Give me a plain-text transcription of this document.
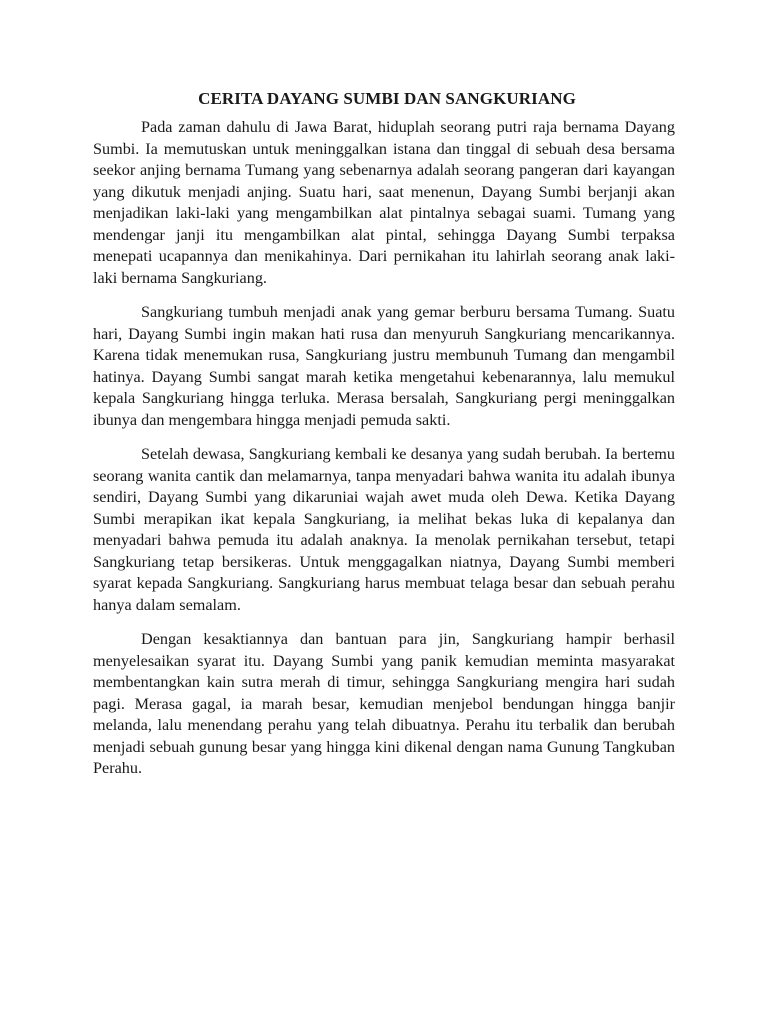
CERITA DAYANG SUMBI DAN SANGKURIANG

Pada zaman dahulu di Jawa Barat, hiduplah seorang putri raja bernama Dayang Sumbi. Ia memutuskan untuk meninggalkan istana dan tinggal di sebuah desa bersama seekor anjing bernama Tumang yang sebenarnya adalah seorang pangeran dari kayangan yang dikutuk menjadi anjing. Suatu hari, saat menenun, Dayang Sumbi berjanji akan menjadikan laki-laki yang mengambilkan alat pintalnya sebagai suami. Tumang yang mendengar janji itu mengambilkan alat pintal, sehingga Dayang Sumbi terpaksa menepati ucapannya dan menikahinya. Dari pernikahan itu lahirlah seorang anak laki-laki bernama Sangkuriang.

Sangkuriang tumbuh menjadi anak yang gemar berburu bersama Tumang. Suatu hari, Dayang Sumbi ingin makan hati rusa dan menyuruh Sangkuriang mencarikannya. Karena tidak menemukan rusa, Sangkuriang justru membunuh Tumang dan mengambil hatinya. Dayang Sumbi sangat marah ketika mengetahui kebenarannya, lalu memukul kepala Sangkuriang hingga terluka. Merasa bersalah, Sangkuriang pergi meninggalkan ibunya dan mengembara hingga menjadi pemuda sakti.

Setelah dewasa, Sangkuriang kembali ke desanya yang sudah berubah. Ia bertemu seorang wanita cantik dan melamarnya, tanpa menyadari bahwa wanita itu adalah ibunya sendiri, Dayang Sumbi yang dikaruniai wajah awet muda oleh Dewa. Ketika Dayang Sumbi merapikan ikat kepala Sangkuriang, ia melihat bekas luka di kepalanya dan menyadari bahwa pemuda itu adalah anaknya. Ia menolak pernikahan tersebut, tetapi Sangkuriang tetap bersikeras. Untuk menggagalkan niatnya, Dayang Sumbi memberi syarat kepada Sangkuriang. Sangkuriang harus membuat telaga besar dan sebuah perahu hanya dalam semalam.

Dengan kesaktiannya dan bantuan para jin, Sangkuriang hampir berhasil menyelesaikan syarat itu. Dayang Sumbi yang panik kemudian meminta masyarakat membentangkan kain sutra merah di timur, sehingga Sangkuriang mengira hari sudah pagi. Merasa gagal, ia marah besar, kemudian menjebol bendungan hingga banjir melanda, lalu menendang perahu yang telah dibuatnya. Perahu itu terbalik dan berubah menjadi sebuah gunung besar yang hingga kini dikenal dengan nama Gunung Tangkuban Perahu.
